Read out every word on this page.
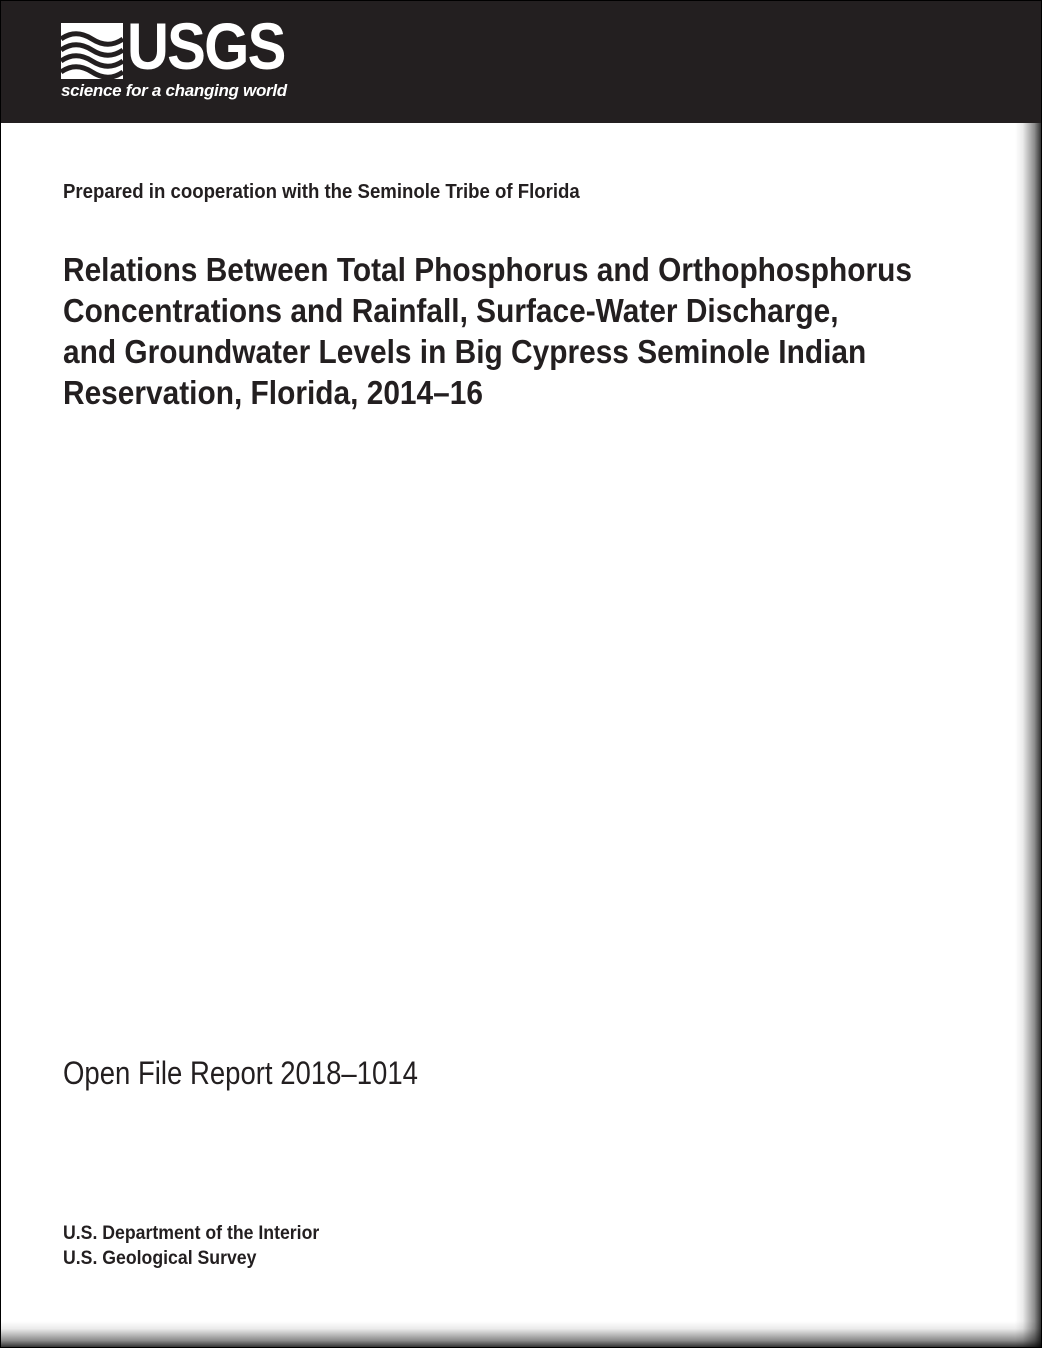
USGS
science for a changing world
Prepared in cooperation with the Seminole Tribe of Florida
Relations Between Total Phosphorus and Orthophosphorus
Concentrations and Rainfall, Surface-Water Discharge,
and Groundwater Levels in Big Cypress Seminole Indian
Reservation, Florida, 2014–16
Open File Report 2018–1014
U.S. Department of the Interior
U.S. Geological Survey
